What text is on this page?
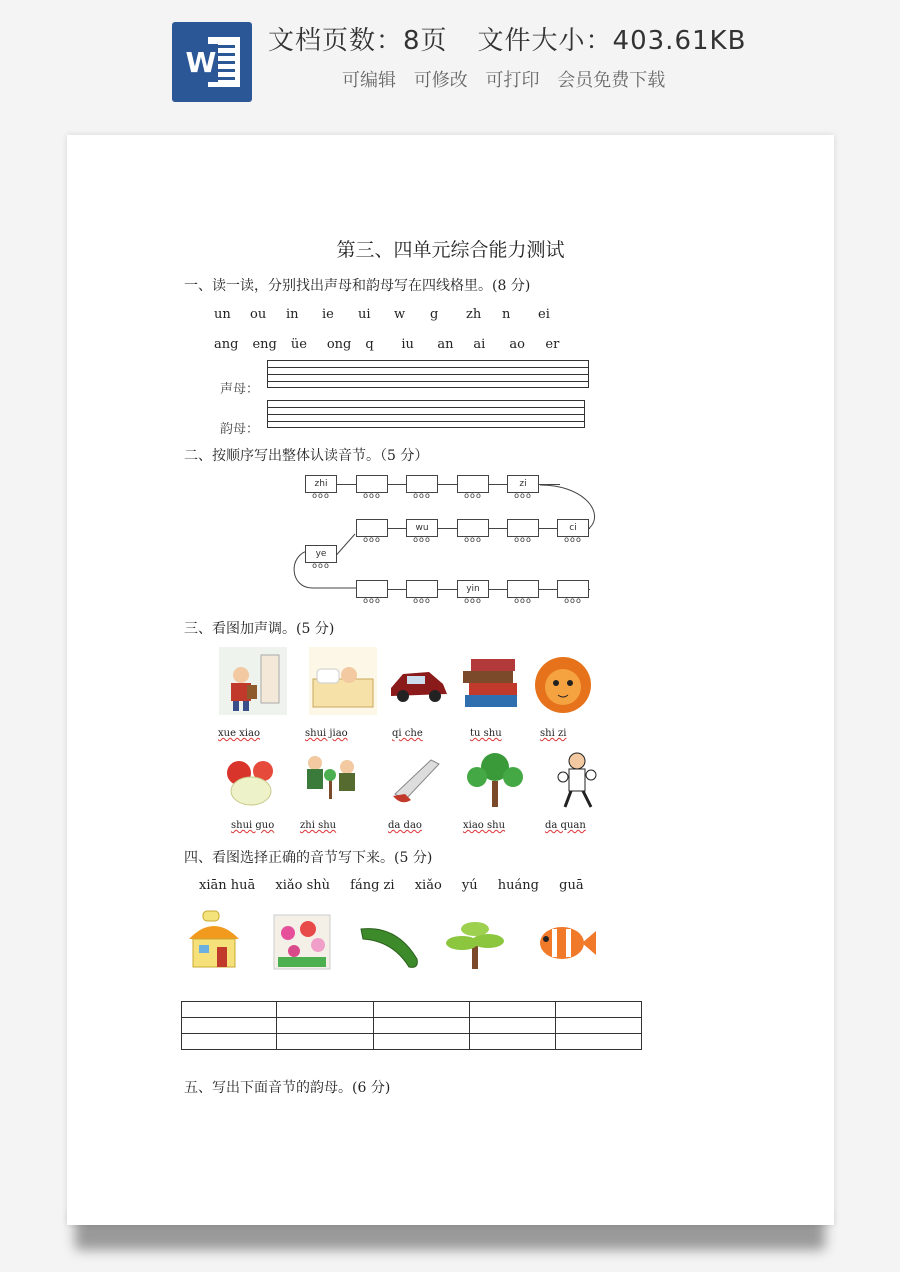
W
文档页数：8页 文件大小：403.61KB
可编辑 可修改 可打印 会员免费下载
第三、四单元综合能力测试
一、读一读，分别找出声母和韵母写在四线格里。(8 分)
un	ou	in	ie	ui	w	g	zh	n	ei
ang eng üe	ong q	iu	an	ai	ao	er
声母：
韵母：
二、按顺序写出整体认读音节。（5 分）
zhi ooo ooo ooo ooo	zi ooo
ooo
wu ooo ooo ooo	ci ooo
ye ooo
ooo
ooo
yin ooo
ooo
ooo
三、看图加声调。(5 分)
xue xiao	shui jiao	qi che	tu shu	shi zi
shui guo	zhi shu	da dao	xiao shu	da quan
四、看图选择正确的音节写下来。(5 分)
xiān huā xiǎo shù fáng zi xiǎo yú huáng guā

五、写出下面音节的韵母。(6 分)
